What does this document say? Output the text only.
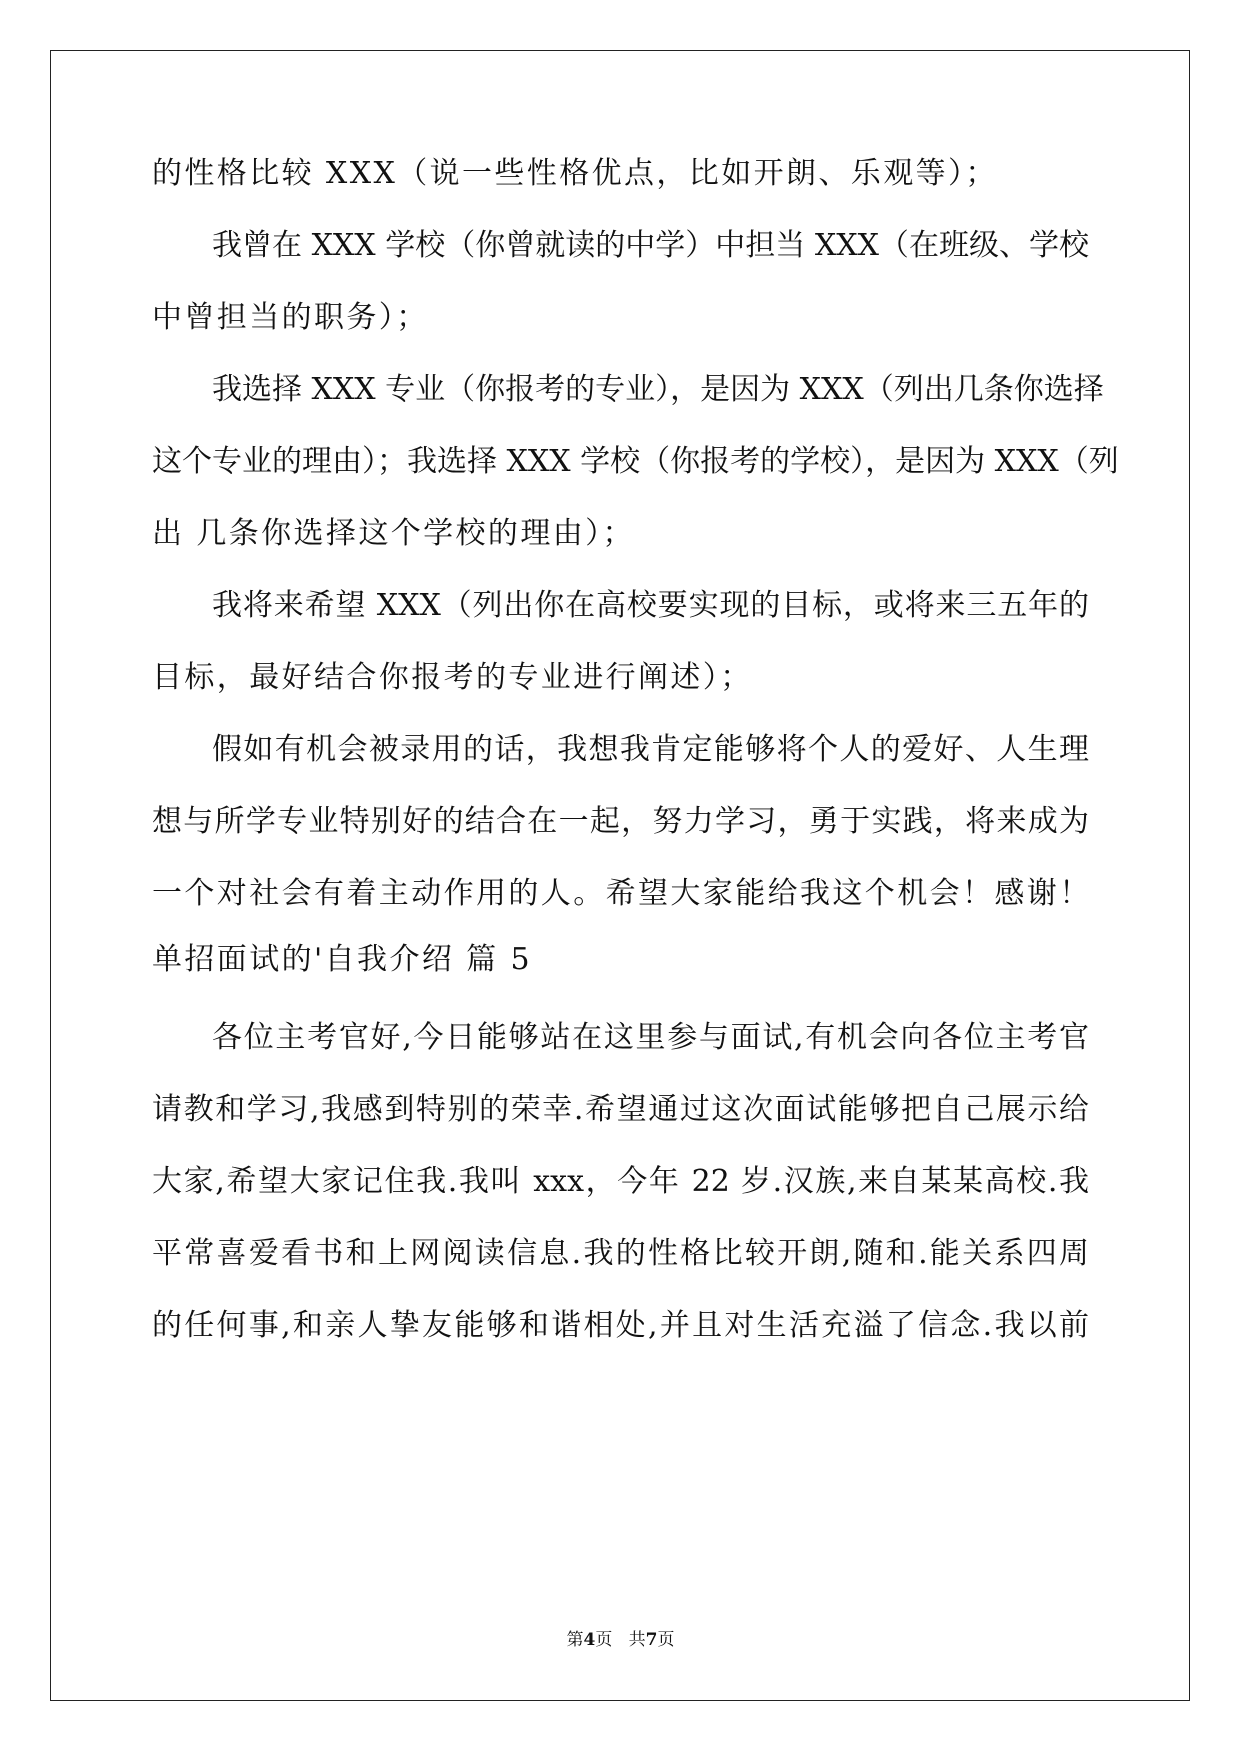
的性格比较 XXX（说一些性格优点，比如开朗、乐观等）；
我曾在 XXX 学校（你曾就读的中学）中担当 XXX（在班级、学校
中曾担当的职务）；
我选择 XXX 专业（你报考的专业），是因为 XXX（列出几条你选择
这个专业的理由）；我选择 XXX 学校（你报考的学校），是因为 XXX（列
出 几条你选择这个学校的理由）；
我将来希望 XXX（列出你在高校要实现的目标，或将来三五年的
目标，最好结合你报考的专业进行阐述）；
假如有机会被录用的话，我想我肯定能够将个人的爱好、人生理
想与所学专业特别好的结合在一起，努力学习，勇于实践，将来成为
一个对社会有着主动作用的人。希望大家能给我这个机会！感谢！
单招面试的'自我介绍 篇 5
各位主考官好,今日能够站在这里参与面试,有机会向各位主考官
请教和学习,我感到特别的荣幸.希望通过这次面试能够把自己展示给
大家,希望大家记住我.我叫 xxx，今年 22 岁.汉族,来自某某高校.我
平常喜爱看书和上网阅读信息.我的性格比较开朗,随和.能关系四周
的任何事,和亲人挚友能够和谐相处,并且对生活充溢了信念.我以前
第4页 共7页
